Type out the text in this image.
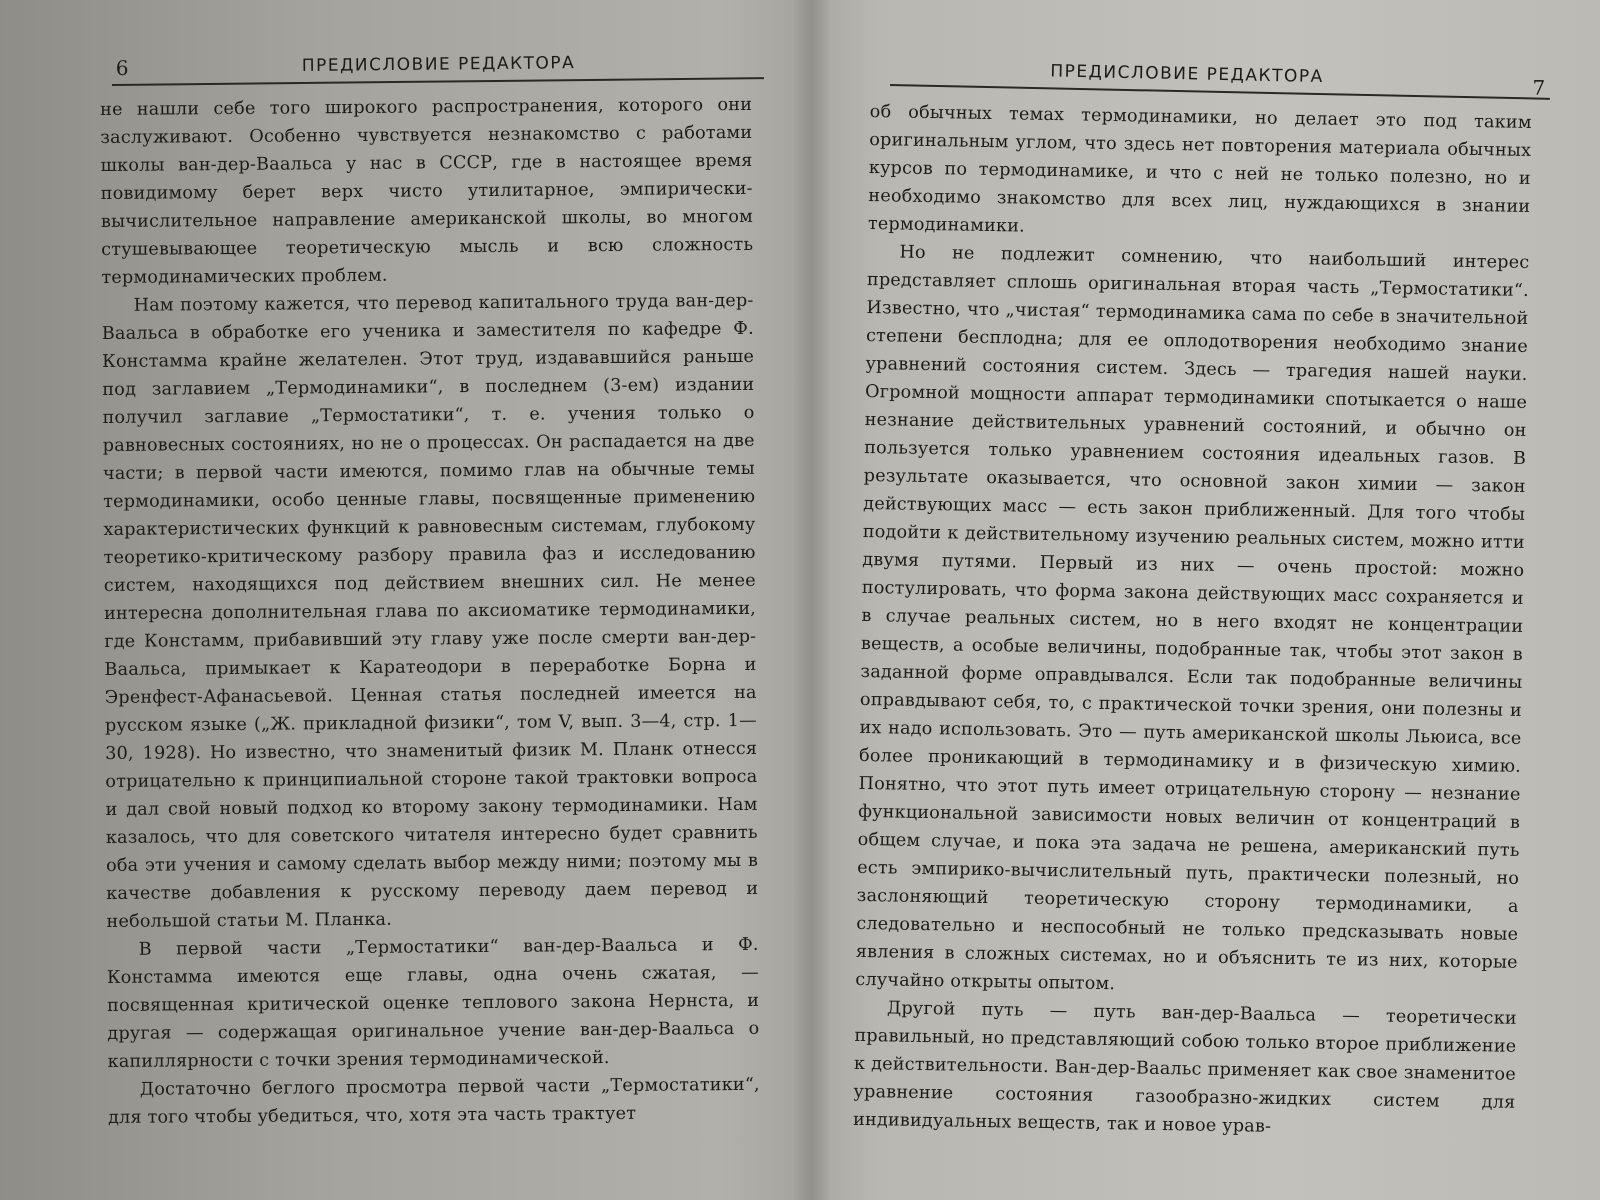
6	ПРЕДИСЛОВИЕ РЕДАКТОРА

не нашли себе того широкого распространения, которого они заслуживают. Особенно чувствуется незнакомство с работами школы ван-дер-Ваальса у нас в СССР, где в настоящее время повидимому берет верх чисто утилитарное, эмпирически-вычислительное направление американской школы, во многом стушевывающее теоретическую мысль и всю сложность термодинамических проблем.

Нам поэтому кажется, что перевод капитального труда ван-дер-Ваальса в обработке его ученика и заместителя по кафедре Ф. Констамма крайне желателен. Этот труд, издававшийся раньше под заглавием „Термодинамики“, в последнем (3-ем) издании получил заглавие „Термостатики“, т. е. учения только о равновесных состояниях, но не о процессах. Он распадается на две части; в первой части имеются, помимо глав на обычные темы термодинамики, особо ценные главы, посвященные применению характеристических функций к равновесным системам, глубокому теоретико-критическому разбору правила фаз и исследованию систем, находящихся под действием внешних сил. Не менее интересна дополнительная глава по аксиоматике термодинамики, где Констамм, прибавивший эту главу уже после смерти ван-дер-Ваальса, примыкает к Каратеодори в переработке Борна и Эренфест-Афанасьевой. Ценная статья последней имеется на русском языке („Ж. прикладной физики“, том V, вып. 3—4, стр. 1—30, 1928). Но известно, что знаменитый физик М. Планк отнесся отрицательно к принципиальной стороне такой трактовки вопроса и дал свой новый подход ко второму закону термодинамики. Нам казалось, что для советского читателя интересно будет сравнить оба эти учения и самому сделать выбор между ними; поэтому мы в качестве добавления к русскому переводу даем перевод и небольшой статьи М. Планка.

В первой части „Термостатики“ ван-дер-Ваальса и Ф. Констамма имеются еще главы, одна очень сжатая, — посвященная критической оценке теплового закона Нернста, и другая — содержащая оригинальное учение ван-дер-Ваальса о капиллярности с точки зрения термодинамической.

Достаточно беглого просмотра первой части „Термостатики“, для того чтобы убедиться, что, хотя эта часть трактует

ПРЕДИСЛОВИЕ РЕДАКТОРА
7

об обычных темах термодинамики, но делает это под таким оригинальным углом, что здесь нет повторения материала обычных курсов по термодинамике, и что с ней не только полезно, но и необходимо знакомство для всех лиц, нуждающихся в знании термодинамики.

Но не подлежит сомнению, что наибольший интерес представляет сплошь оригинальная вторая часть „Термостатики“. Известно, что „чистая“ термодинамика сама по себе в значительной степени бесплодна; для ее оплодотворения необходимо знание уравнений состояния систем. Здесь — трагедия нашей науки. Огромной мощности аппарат термодинамики спотыкается о наше незнание действительных уравнений состояний, и обычно он пользуется только уравнением состояния идеальных газов. В результате оказывается, что основной закон химии — закон действующих масс — есть закон приближенный. Для того чтобы подойти к действительному изучению реальных систем, можно итти двумя путями. Первый из них — очень простой: можно постулировать, что форма закона действующих масс сохраняется и в случае реальных систем, но в него входят не концентрации веществ, а особые величины, подобранные так, чтобы этот закон в заданной форме оправдывался. Если так подобранные величины оправдывают себя, то, с практической точки зрения, они полезны и их надо использовать. Это — путь американской школы Льюиса, все более проникающий в термодинамику и в физическую химию. Понятно, что этот путь имеет отрицательную сторону — незнание функциональной зависимости новых величин от концентраций в общем случае, и пока эта задача не решена, американский путь есть эмпирико-вычислительный путь, практически полезный, но заслоняющий теоретическую сторону термодинамики, а следовательно и неспособный не только предсказывать новые явления в сложных системах, но и объяснить те из них, которые случайно открыты опытом.

Другой путь — путь ван-дер-Ваальса — теоретически правильный, но представляющий собою только второе приближение к действительности. Ван-дер-Ваальс применяет как свое знаменитое уравнение состояния газообразно-жидких систем для индивидуальных веществ, так и новое урав-
